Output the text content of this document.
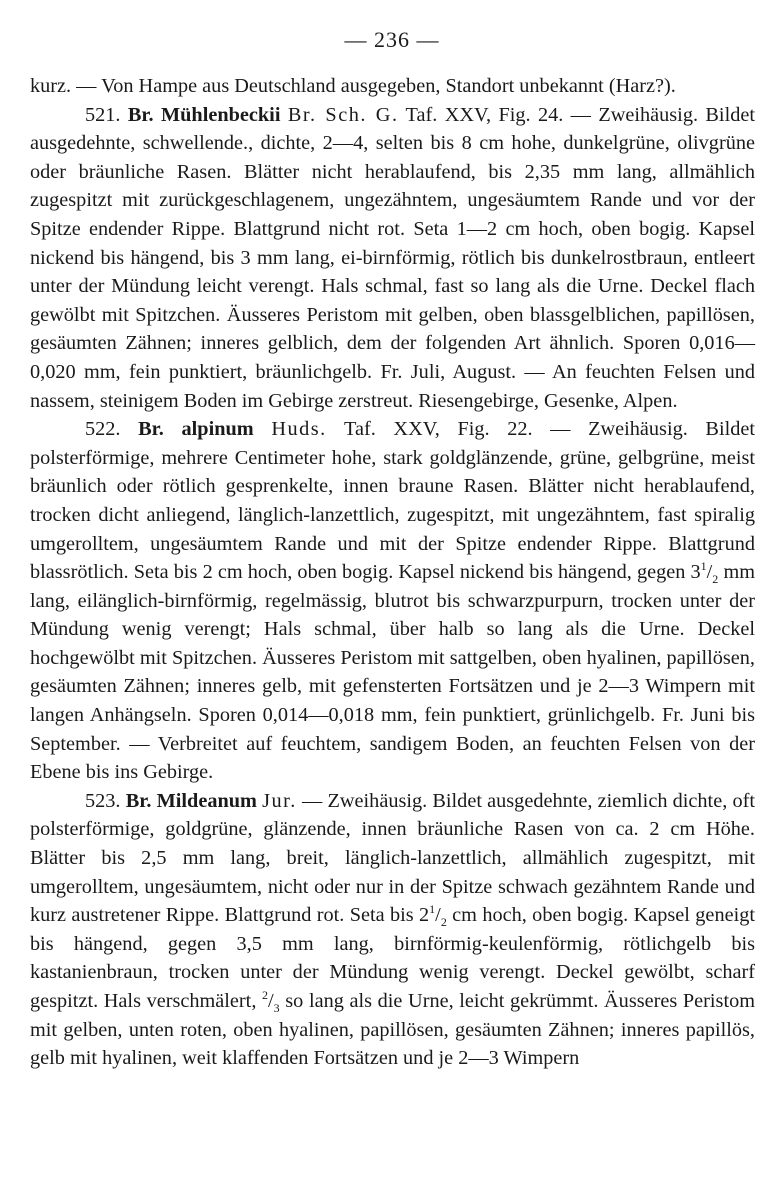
— 236 —

kurz. — Von Hampe aus Deutschland ausgegeben, Standort unbekannt (Harz?).

521. Br. Mühlenbeckii Br. Sch. G. Taf. XXV, Fig. 24. — Zweihäusig. Bildet ausgedehnte, schwellende., dichte, 2—4, selten bis 8 cm hohe, dunkelgrüne, olivgrüne oder bräunliche Rasen. Blätter nicht herablaufend, bis 2,35 mm lang, allmählich zugespitzt mit zurückgeschlagenem, ungezähntem, ungesäumtem Rande und vor der Spitze endender Rippe. Blattgrund nicht rot. Seta 1—2 cm hoch, oben bogig. Kapsel nickend bis hängend, bis 3 mm lang, ei-birnförmig, rötlich bis dunkelrostbraun, entleert unter der Mündung leicht verengt. Hals schmal, fast so lang als die Urne. Deckel flach gewölbt mit Spitzchen. Äusseres Peristom mit gelben, oben blassgelblichen, papillösen, gesäumten Zähnen; inneres gelblich, dem der folgenden Art ähnlich. Sporen 0,016—0,020 mm, fein punktiert, bräunlichgelb. Fr. Juli, August. — An feuchten Felsen und nassem, steinigem Boden im Gebirge zerstreut. Riesengebirge, Gesenke, Alpen.

522. Br. alpinum Huds. Taf. XXV, Fig. 22. — Zweihäusig. Bildet polsterförmige, mehrere Centimeter hohe, stark goldglänzende, grüne, gelbgrüne, meist bräunlich oder rötlich gesprenkelte, innen braune Rasen. Blätter nicht herablaufend, trocken dicht anliegend, länglich-lanzettlich, zugespitzt, mit ungezähntem, fast spiralig umgerolltem, ungesäumtem Rande und mit der Spitze endender Rippe. Blattgrund blassrötlich. Seta bis 2 cm hoch, oben bogig. Kapsel nickend bis hängend, gegen $3^1/_2$ mm lang, eilänglich-birnförmig, regelmässig, blutrot bis schwarzpurpurn, trocken unter der Mündung wenig verengt; Hals schmal, über halb so lang als die Urne. Deckel hochgewölbt mit Spitzchen. Äusseres Peristom mit sattgelben, oben hyalinen, papillösen, gesäumten Zähnen; inneres gelb, mit gefensterten Fortsätzen und je 2—3 Wimpern mit langen Anhängseln. Sporen 0,014—0,018 mm, fein punktiert, grünlichgelb. Fr. Juni bis September. — Verbreitet auf feuchtem, sandigem Boden, an feuchten Felsen von der Ebene bis ins Gebirge.

523. Br. Mildeanum Jur. — Zweihäusig. Bildet ausgedehnte, ziemlich dichte, oft polsterförmige, goldgrüne, glänzende, innen bräunliche Rasen von ca. 2 cm Höhe. Blätter bis 2,5 mm lang, breit, länglich-lanzettlich, allmählich zugespitzt, mit umgerolltem, ungesäumtem, nicht oder nur in der Spitze schwach gezähntem Rande und kurz austretener Rippe. Blattgrund rot. Seta bis $2^1/_2$ cm hoch, oben bogig. Kapsel geneigt bis hängend, gegen 3,5 mm lang, birnförmig-keulenförmig, rötlichgelb bis kastanienbraun, trocken unter der Mündung wenig verengt. Deckel gewölbt, scharf gespitzt. Hals verschmälert, $^2/_3$ so lang als die Urne, leicht gekrümmt. Äusseres Peristom mit gelben, unten roten, oben hyalinen, papillösen, gesäumten Zähnen; inneres papillös, gelb mit hyalinen, weit klaffenden Fortsätzen und je 2—3 Wimpern
